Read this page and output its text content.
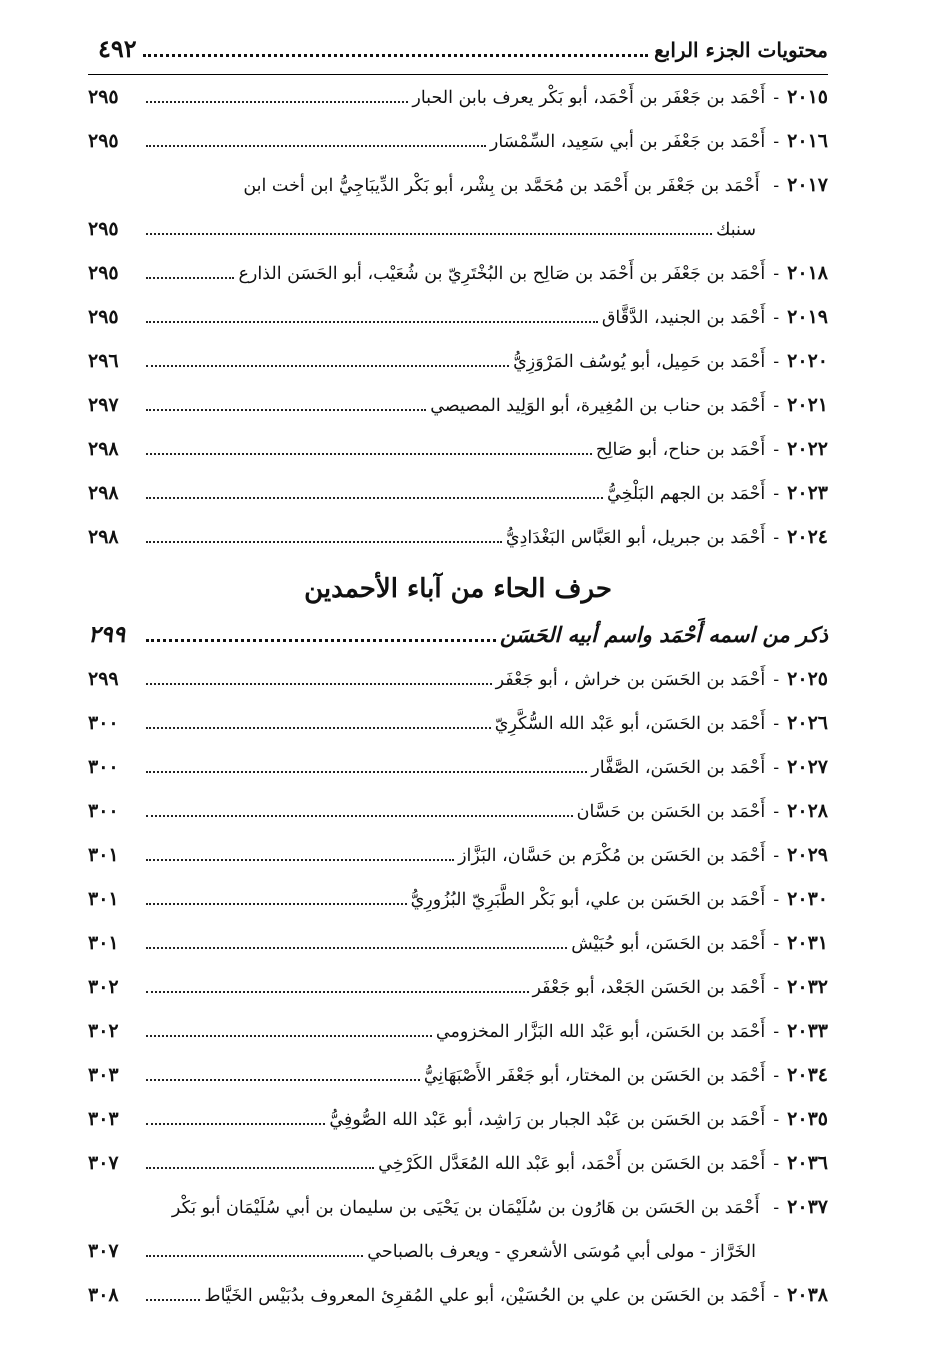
محتويات الجزء الرابع
٤٩٢
٢٠١٥
-
أَحْمَد بن جَعْفَر بن أَحْمَد، أبو بَكْر يعرف بابن الحبار
٢٩٥
٢٠١٦
-
أَحْمَد بن جَعْفَر بن أبي سَعِيد، السِّمْسَار
٢٩٥
٢٠١٧- أَحْمَد بن جَعْفَر بن أَحْمَد بن مُحَمَّد بن بِشْر، أبو بَكْر الدِّيبَاجِيُّ ابن أخت ابن
سنبك
٢٩٥
٢٠١٨
-
أَحْمَد بن جَعْفَر بن أَحْمَد بن صَالِح بن البُخْتَرِيّ بن شُعَيْب، أبو الحَسَن الذارع
٢٩٥
٢٠١٩
-
أَحْمَد بن الجنيد، الدَّقَّاق
٢٩٥
٢٠٢٠
-
أَحْمَد بن حَمِيل، أبو يُوسُف المَرْوَزِيُّ
٢٩٦
٢٠٢١
-
أَحْمَد بن حناب بن المُغِيرة، أبو الوَلِيد المصيصي
٢٩٧
٢٠٢٢
-
أَحْمَد بن حناح، أبو صَالِح
٢٩٨
٢٠٢٣
-
أَحْمَد بن الجهم البَلْخِيُّ
٢٩٨
٢٠٢٤
-
أَحْمَد بن جبريل، أبو العَبَّاس البَغْدَادِيُّ
٢٩٨
حرف الحاء من آباء الأحمدين
ذكر من اسمه أَحْمَد واسم أبيه الحَسَن
٢٩٩
٢٠٢٥
-
أَحْمَد بن الحَسَن بن خراش ، أبو جَعْفَر
٢٩٩
٢٠٢٦
-
أَحْمَد بن الحَسَن، أبو عَبْد الله السُّكَّرِيّ
٣٠٠
٢٠٢٧
-
أَحْمَد بن الحَسَن، الصَّفَّار
٣٠٠
٢٠٢٨
-
أَحْمَد بن الحَسَن بن حَسَّان
٣٠٠
٢٠٢٩
-
أَحْمَد بن الحَسَن بن مُكْرَم بن حَسَّان، البَزَّاز
٣٠١
٢٠٣٠
-
أَحْمَد بن الحَسَن بن علي، أبو بَكْر الطَّبَرِيّ البُزُورِيُّ
٣٠١
٢٠٣١
-
أَحْمَد بن الحَسَن، أبو حُبَيْش
٣٠١
٢٠٣٢
-
أَحْمَد بن الحَسَن الجَعْد، أبو جَعْفَر
٣٠٢
٢٠٣٣
-
أَحْمَد بن الحَسَن، أبو عَبْد الله البَزَّار المخزومي
٣٠٢
٢٠٣٤
-
أَحْمَد بن الحَسَن بن المختار، أبو جَعْفَر الأَصْبَهَانِيُّ
٣٠٣
٢٠٣٥
-
أَحْمَد بن الحَسَن بن عَبْد الجبار بن رَاشِد، أبو عَبْد الله الصُّوفِيُّ
٣٠٣
٢٠٣٦
-
أَحْمَد بن الحَسَن بن أَحْمَد، أبو عَبْد الله المُعَدَّل الكَرْخِي
٣٠٧
٢٠٣٧- أَحْمَد بن الحَسَن بن هَارُون بن سُلَيْمَان بن يَحْيَى بن سليمان بن أبي سُلَيْمَان أبو بَكْر
الخَرَّاز - مولى أبي مُوسَى الأشعري - ويعرف بالصباحي
٣٠٧
٢٠٣٨
-
أَحْمَد بن الحَسَن بن علي بن الحُسَيْن، أبو علي المُقرِئ المعروف بدُبَيْس الخَيَّاط
٣٠٨
